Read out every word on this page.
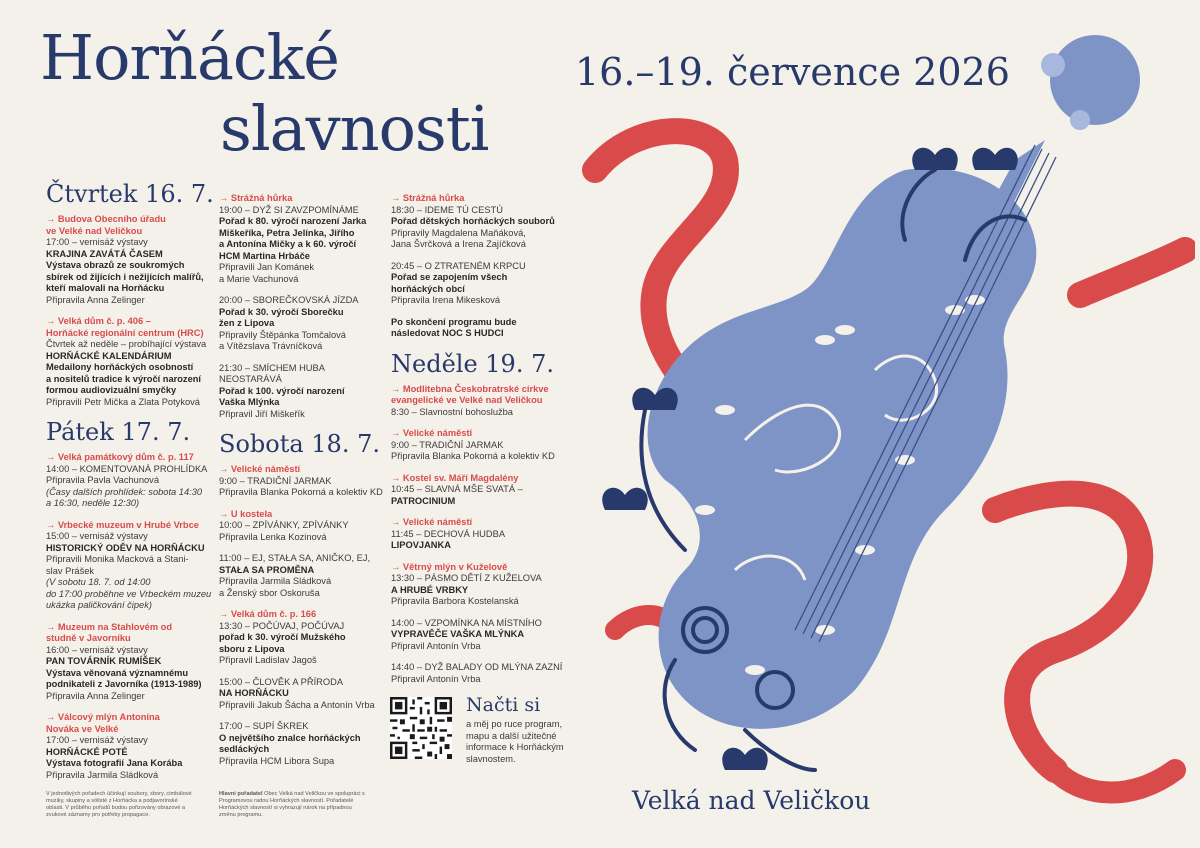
Horňácké
slavnosti
16.–19. července 2026
Velká nad Veličkou
Čtvrtek 16. 7.
→ Budova Obecního úřadu
ve Velké nad Veličkou
17:00 – vernisáž výstavy
KRAJINA ZAVÁTÁ ČASEM
Výstava obrazů ze soukromých
sbírek od žijících i nežijících malířů,
kteří malovali na Horňácku
Připravila Anna Zelinger
→ Velká dům č. p. 406 –
Horňácké regionální centrum (HRC)
Čtvrtek až neděle – probíhající výstava
HORŇÁCKÉ KALENDÁRIUM
Medailony horňáckých osobností
a nositelů tradice k výročí narození
formou audiovizuální smyčky
Připravili Petr Mička a Zlata Potyková
Pátek 17. 7.
→ Velká památkový dům č. p. 117
14:00 – KOMENTOVANÁ PROHLÍDKA
Připravila Pavla Vachunová
(Časy dalších prohlídek: sobota 14:30
a 16:30, neděle 12:30)
→ Vrbecké muzeum v Hrubé Vrbce
15:00 – vernisáž výstavy
HISTORICKÝ ODĚV NA HORŇÁCKU
Připravili Monika Macková a Stani-
slav Prášek
(V sobotu 18. 7. od 14:00
do 17:00 proběhne ve Vrbeckém muzeu
ukázka paličkování čipek)
→ Muzeum na Stahlovém od
studně v Javorníku
16:00 – vernisáž výstavy
PAN TOVÁRNÍK RUMÍŠEK
Výstava věnovaná významnému
podnikateli z Javorníka (1913-1989)
Připravila Anna Zelinger
→ Válcový mlýn Antonína
Nováka ve Velké
17:00 – vernisáž výstavy
HORŇÁCKÉ POTÉ
Výstava fotografií Jana Korába
Připravila Jarmila Sládková
→ Strážná hůrka
19:00 – DYŽ SI ZAVZPOMÍNÁME
Pořad k 80. výročí narození Jarka
Miškeříka, Petra Jelínka, Jiřího
a Antonína Mičky a k 60. výročí
HCM Martina Hrbáče
Připravili Jan Kománek
a Marie Vachunová
20:00 – SBOREČKOVSKÁ JÍZDA
Pořad k 30. výročí Sborečku
žen z Lipova
Připravily Štěpánka Tomčalová
a Vítězslava Trávníčková
21:30 – SMÍCHEM HUBA NEOSTARÁVÁ
Pořad k 100. výročí narození
Vaška Mlýnka
Připravil Jiří Miškeřík
Sobota 18. 7.
→ Velické náměstí
9:00 – TRADIČNÍ JARMAK
Připravila Blanka Pokorná a kolektiv KD
→ U kostela
10:00 – ZPÍVÁNKY, ZPÍVÁNKY
Připravila Lenka Kozinová
11:00 – EJ, STAŁA SA, ANIČKO, EJ,
STAŁA SA PROMĚNA
Připravila Jarmila Sládková
a Ženský sbor Oskoruša
→ Velká dům č. p. 166
13:30 – POČÚVAJ, POČÚVAJ
pořad k 30. výročí Mužského
sboru z Lipova
Připravil Ladislav Jagoš
15:00 – ČLOVĚK A PŘÍRODA
NA HORŇÁCKU
Připravili Jakub Šácha a Antonín Vrba
17:00 – SUPÍ ŠKREK
O největšího znalce horňáckých
sedláckých
Připravila HCM Libora Supa
→ Strážná hůrka
18:30 – IDEME TÚ CESTÚ
Pořad dětských horňáckých souborů
Připravily Magdalena Maňáková,
Jana Švrčková a Irena Zajíčková
20:45 – O ZTRATENÉM KRPCU
Pořad se zapojením všech
horňáckých obcí
Připravila Irena Mikesková
Po skončení programu bude
následovat NOC S HUDCI
Neděle 19. 7.
→ Modlitebna Českobratrské církve
evangelické ve Velké nad Veličkou
8:30 – Slavnostní bohoslužba
→ Velické náměstí
9:00 – TRADIČNÍ JARMAK
Připravila Blanka Pokorná a kolektiv KD
→ Kostel sv. Máří Magdalény
10:45 – SLAVNÁ MŠE SVATÁ –
PATROCINIUM
→ Velické náměstí
11:45 – DECHOVÁ HUDBA
LIPOVJANKA
→ Větrný mlýn v Kuželově
13:30 – PÁSMO DĚTÍ Z KUŽELOVA
A HRUBÉ VRBKY
Připravila Barbora Kostelanská
14:00 – VZPOMÍNKA NA MÍSTNÍHO
VYPRAVĚČE VAŠKA MLÝNKA
Připravil Antonín Vrba
14:40 – DYŽ BALADY OD MLÝNA ZAZNÍ
Připravil Antonín Vrba
Načti si
a měj po ruce program, mapu a další užitečné informace k Horňáckým slavnostem.
V jednotlivých pořadech účinkují soubory, sbory, cimbálové muziky, skupiny a sólisté z Horňácka a podjavorinské oblasti. V průběhu pořadů budou pořizovány obrazové a zvukové záznamy pro potřeby propagace.
Hlavní pořadatel Obec Velká nad Veličkou ve spolupráci s Programovou radou Horňáckých slavností. Pořadatelé Horňáckých slavností si vyhrazují nárok na případnou změnu programu.
